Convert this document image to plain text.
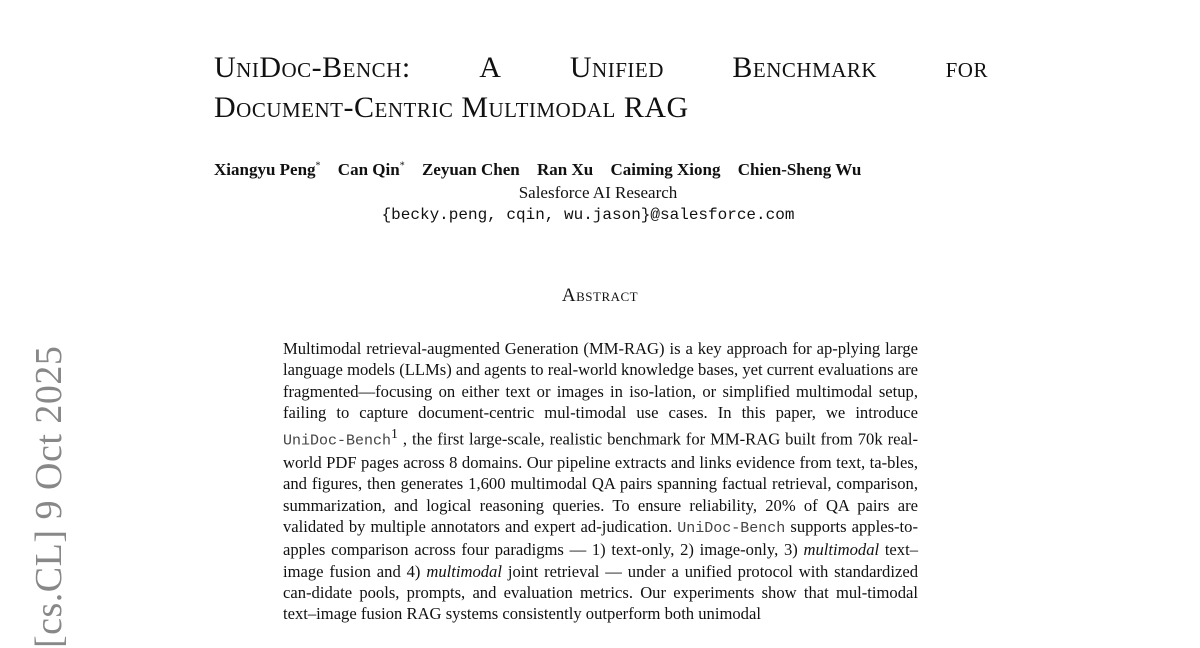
UniDoc-Bench: A Unified Benchmark for
Document-Centric Multimodal RAG
Xiangyu Peng* Can Qin* Zeyuan Chen Ran Xu Caiming Xiong Chien-Sheng Wu
Salesforce AI Research
{becky.peng, cqin, wu.jason}@salesforce.com
Abstract
Multimodal retrieval-augmented Generation (MM-RAG) is a key approach for ap-plying large language models (LLMs) and agents to real-world knowledge bases, yet current evaluations are fragmented—focusing on either text or images in iso-lation, or simplified multimodal setup, failing to capture document-centric mul-timodal use cases. In this paper, we introduce UniDoc-Bench$^1$ , the first large-scale, realistic benchmark for MM-RAG built from 70k real-world PDF pages across 8 domains. Our pipeline extracts and links evidence from text, ta-bles, and figures, then generates 1,600 multimodal QA pairs spanning factual retrieval, comparison, summarization, and logical reasoning queries. To ensure reliability, 20% of QA pairs are validated by multiple annotators and expert ad-judication. UniDoc-Bench supports apples-to-apples comparison across four paradigms — 1) text-only, 2) image-only, 3) multimodal text–image fusion and 4) multimodal joint retrieval — under a unified protocol with standardized can-didate pools, prompts, and evaluation metrics. Our experiments show that mul-timodal text–image fusion RAG systems consistently outperform both unimodal
[cs.CL] 9 Oct 2025
